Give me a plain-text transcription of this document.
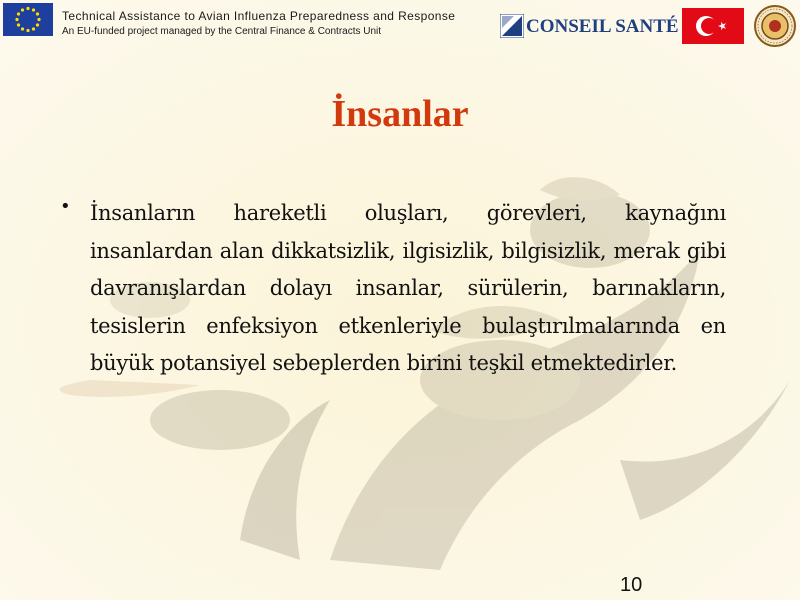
Technical Assistance to Avian Influenza Preparedness and Response
An EU-funded project managed by the Central Finance & Contracts Unit	CONSEIL SANTÉ
İnsanlar
• İnsanların hareketli oluşları, görevleri, kaynağını insanlardan alan dikkatsizlik, ilgisizlik, bilgisizlik, merak gibi davranışlardan dolayı insanlar, sürülerin, barınakların, tesislerin enfeksiyon etkenleriyle bulaştırılmalarında en büyük potansiyel sebeplerden birini teşkil etmektedirler.
10
